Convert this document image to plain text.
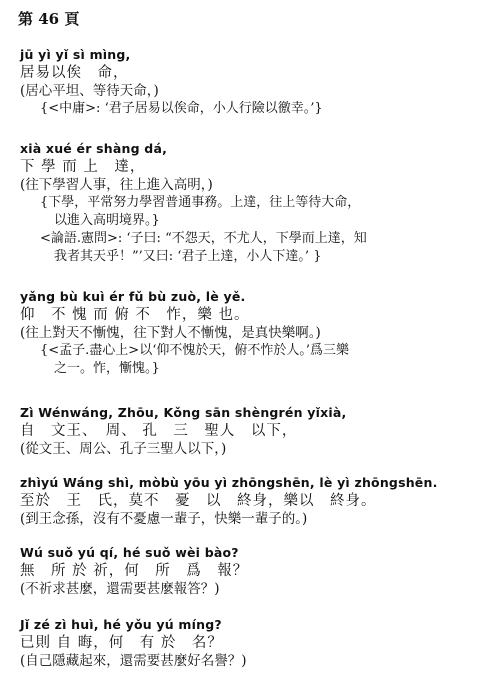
第 46 頁
jū yì yǐ sì mìng,
居易以俟　命，
(居心平坦、等待天命，)
{<中庸>: ‘君子居易以俟命，小人行險以徼幸。’}
xià xué ér shàng dá,
下 學 而 上　達，
(往下學習人事，往上進入高明，)
{下學，平常努力學習普通事務。上達，往上等待大命，
以進入高明境界。}
<論語.憲問>: ‘子曰: “不怨天，不尤人，下學而上達，知
我者其天乎！”’又曰: ‘君子上達，小人下達。’ }
yǎng bù kuì ér fǔ bù zuò, lè yě.
仰　不 愧 而 俯 不　怍，樂 也。
(往上對天不慚愧，往下對人不慚愧，是真快樂啊。)
{<孟子.盡心上>以‘仰不愧於天，俯不怍於人。’爲三樂
之一。怍，慚愧。}
Zì Wénwáng, Zhōu, Kǒng sān shèngrén yǐxià,
自　文王、　周、 孔　三　聖人　以下，
(從文王、周公、孔子三聖人以下，)
zhìyú Wáng shì, mòbù yōu yì zhōngshēn, lè yì zhōngshēn.
至於　王　氏，莫不　憂　以　終身，樂以　終身。
(到王念孫，沒有不憂慮一輩子，快樂一輩子的。)
Wú suǒ yú qí, hé suǒ wèi bào?
無　所 於 祈，何　所　爲　報？
(不祈求甚麼，還需要甚麼報答？)
Jǐ zé zì huì, hé yǒu yú míng?
已則 自 晦，何　有 於　名？
(自己隱藏起來，還需要甚麼好名譽？)
